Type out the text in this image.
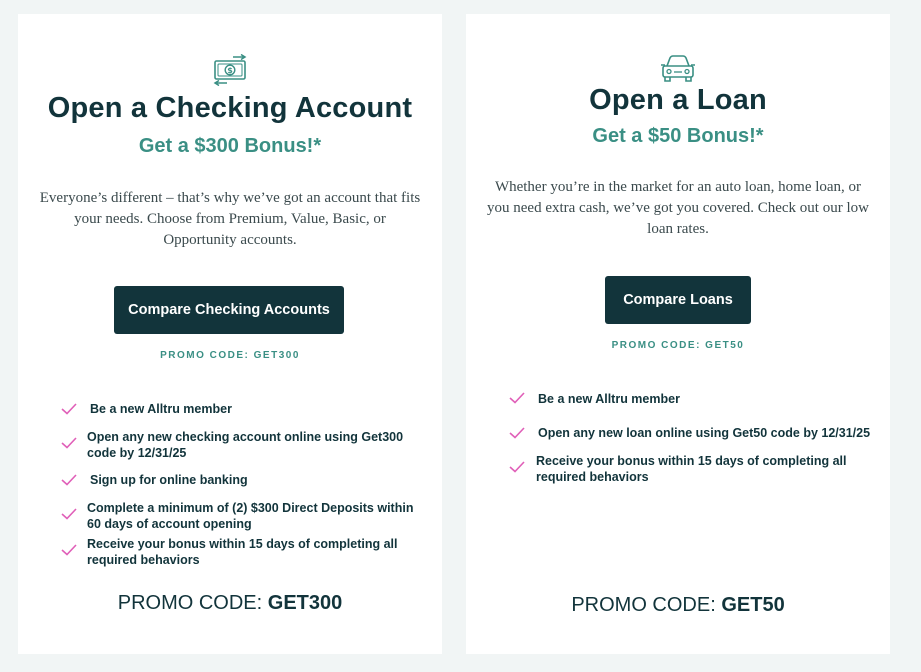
$
Open a Checking Account
Get a $300 Bonus!*
Everyone’s different – that’s why we’ve got an account that fits
your needs. Choose from Premium, Value, Basic, or
Opportunity accounts.
Compare Checking Accounts
PROMO CODE: GET300
Be a new Alltru member
Open any new checking account online using Get300
code by 12/31/25
Sign up for online banking
Complete a minimum of (2) $300 Direct Deposits within
60 days of account opening
Receive your bonus within 15 days of completing all
required behaviors
PROMO CODE: GET300
Open a Loan
Get a $50 Bonus!*
Whether you’re in the market for an auto loan, home loan, or
you need extra cash, we’ve got you covered. Check out our low
loan rates.
Compare Loans
PROMO CODE: GET50
Be a new Alltru member
Open any new loan online using Get50 code by 12/31/25
Receive your bonus within 15 days of completing all
required behaviors
PROMO CODE: GET50
